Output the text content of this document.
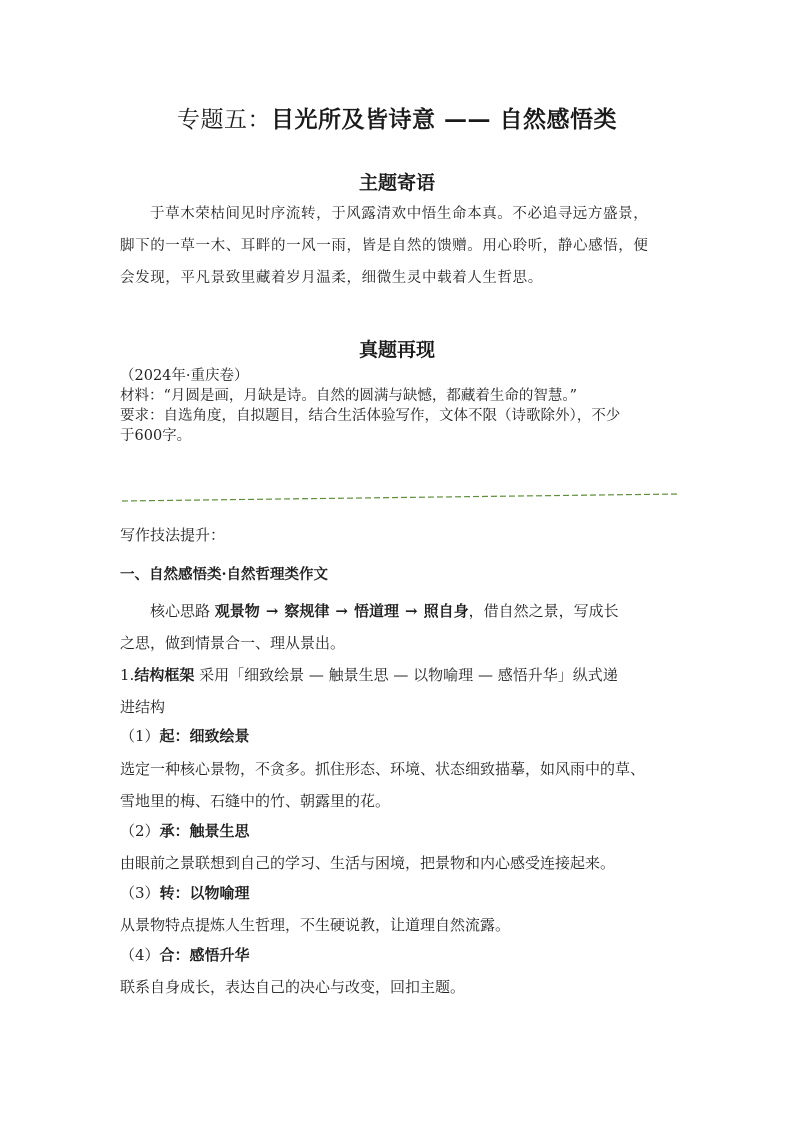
专题五：目光所及皆诗意 —— 自然感悟类
主题寄语
于草木荣枯间见时序流转，于风露清欢中悟生命本真。不必追寻远方盛景，
脚下的一草一木、耳畔的一风一雨，皆是自然的馈赠。用心聆听，静心感悟，便
会发现，平凡景致里藏着岁月温柔，细微生灵中载着人生哲思。
真题再现
（2024年·重庆卷）
材料：“月圆是画，月缺是诗。自然的圆满与缺憾，都藏着生命的智慧。”
要求：自选角度，自拟题目，结合生活体验写作，文体不限（诗歌除外），不少
于600字。
写作技法提升：
一、自然感悟类·自然哲理类作文
核心思路 观景物 → 察规律 → 悟道理 → 照自身，借自然之景，写成长
之思，做到情景合一、理从景出。
1.结构框架 采用「细致绘景 — 触景生思 — 以物喻理 — 感悟升华」纵式递
进结构
（1）起：细致绘景
选定一种核心景物，不贪多。抓住形态、环境、状态细致描摹，如风雨中的草、
雪地里的梅、石缝中的竹、朝露里的花。
（2）承：触景生思
由眼前之景联想到自己的学习、生活与困境，把景物和内心感受连接起来。
（3）转：以物喻理
从景物特点提炼人生哲理，不生硬说教，让道理自然流露。
（4）合：感悟升华
联系自身成长，表达自己的决心与改变，回扣主题。
